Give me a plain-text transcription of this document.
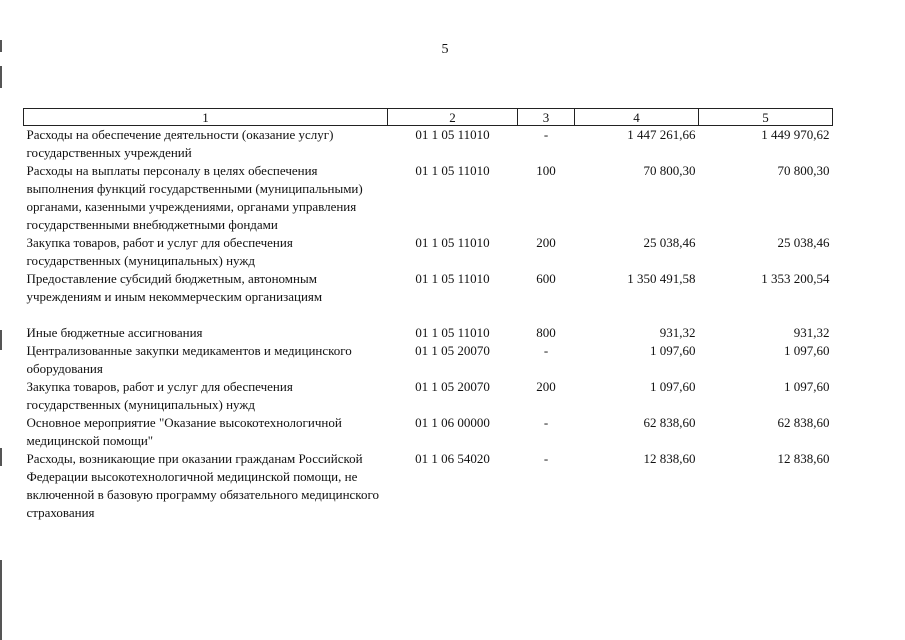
5
1	2	3	4	5
Расходы на обеспечение деятельности (оказание услуг) государственных учреждений	01 1 05 11010	-	1 447 261,66	1 449 970,62
Расходы на выплаты персоналу в целях обеспечения выполнения функций государственными (муниципальными) органами, казенными учреждениями, органами управления государственными внебюджетными фондами	01 1 05 11010	100	70 800,30	70 800,30
Закупка товаров, работ и услуг для обеспечения государственных (муниципальных) нужд	01 1 05 11010	200	25 038,46	25 038,46
Предоставление субсидий бюджетным, автономным учреждениям и иным некоммерческим организациям	01 1 05 11010	600	1 350 491,58	1 353 200,54

Иные бюджетные ассигнования	01 1 05 11010	800	931,32	931,32
Централизованные закупки медикаментов и медицинского оборудования	01 1 05 20070	-	1 097,60	1 097,60
Закупка товаров, работ и услуг для обеспечения государственных (муниципальных) нужд	01 1 05 20070	200	1 097,60	1 097,60
Основное мероприятие "Оказание высокотехнологичной медицинской помощи"	01 1 06 00000	-	62 838,60	62 838,60
Расходы, возникающие при оказании гражданам Российской Федерации высокотехнологичной медицинской помощи, не включенной в базовую программу обязательного медицинского страхования	01 1 06 54020	-	12 838,60	12 838,60
